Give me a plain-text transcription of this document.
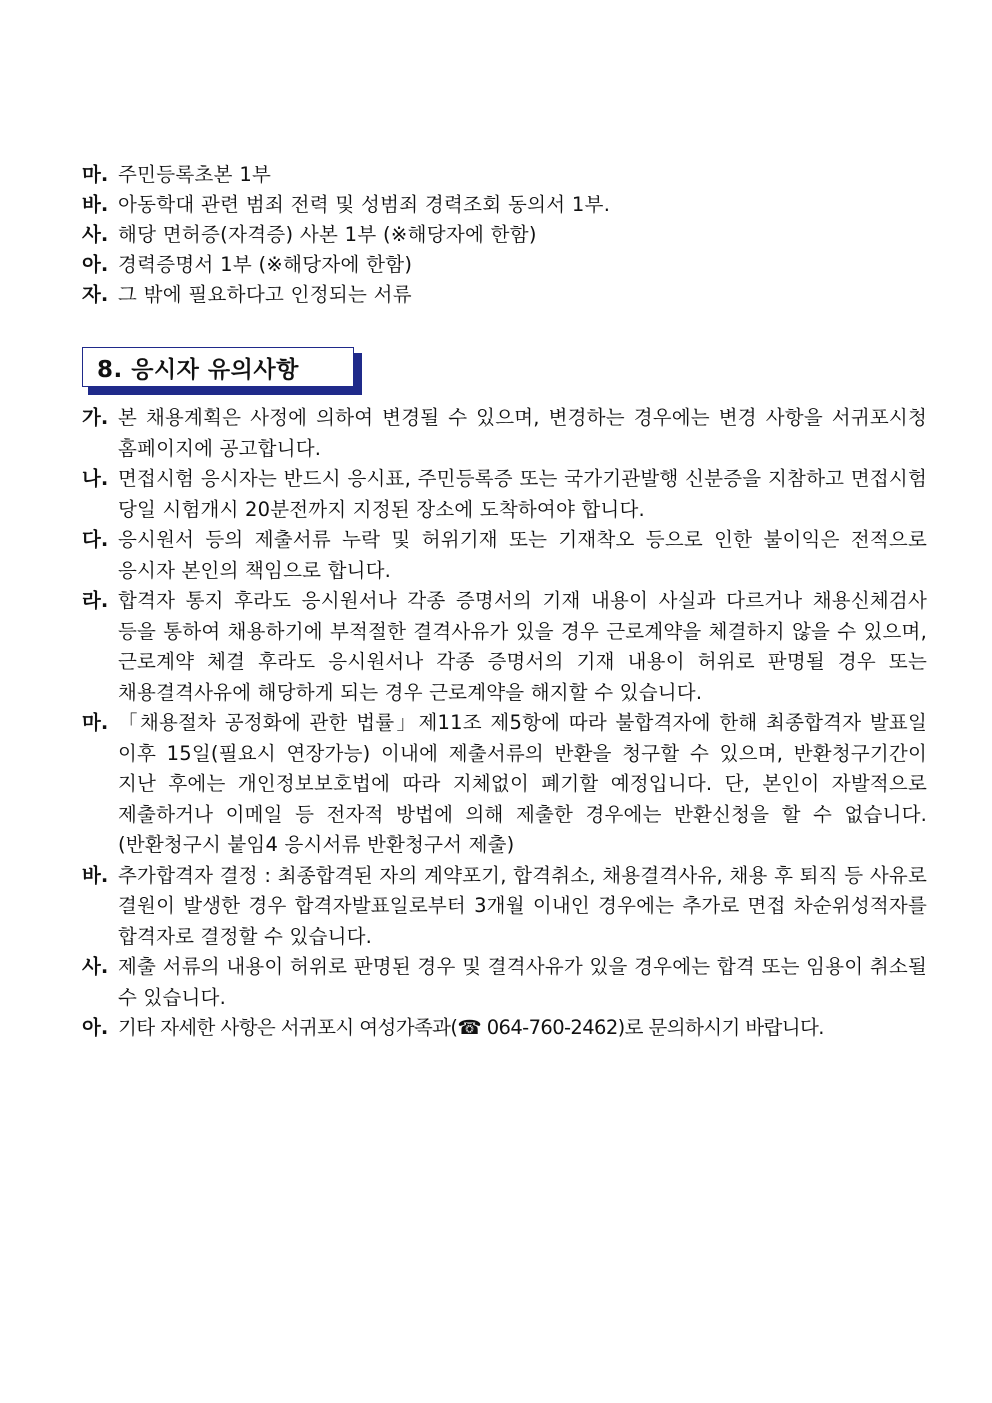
마. 주민등록초본 1부
바. 아동학대 관련 범죄 전력 및 성범죄 경력조회 동의서 1부.
사. 해당 면허증(자격증) 사본 1부 (※해당자에 한함)
아. 경력증명서 1부 (※해당자에 한함)
자. 그 밖에 필요하다고 인정되는 서류
8. 응시자 유의사항
가. 본 채용계획은 사정에 의하여 변경될 수 있으며, 변경하는 경우에는 변경 사항을 서귀포시청 홈페이지에 공고합니다.
나. 면접시험 응시자는 반드시 응시표, 주민등록증 또는 국가기관발행 신분증을 지참하고 면접시험 당일 시험개시 20분전까지 지정된 장소에 도착하여야 합니다.
다. 응시원서 등의 제출서류 누락 및 허위기재 또는 기재착오 등으로 인한 불이익은 전적으로 응시자 본인의 책임으로 합니다.
라. 합격자 통지 후라도 응시원서나 각종 증명서의 기재 내용이 사실과 다르거나 채용신체검사 등을 통하여 채용하기에 부적절한 결격사유가 있을 경우 근로계약을 체결하지 않을 수 있으며, 근로계약 체결 후라도 응시원서나 각종 증명서의 기재 내용이 허위로 판명될 경우 또는 채용결격사유에 해당하게 되는 경우 근로계약을 해지할 수 있습니다.
마. 「채용절차 공정화에 관한 법률」제11조 제5항에 따라 불합격자에 한해 최종합격자 발표일 이후 15일(필요시 연장가능) 이내에 제출서류의 반환을 청구할 수 있으며, 반환청구기간이 지난 후에는 개인정보보호법에 따라 지체없이 폐기할 예정입니다. 단, 본인이 자발적으로 제출하거나 이메일 등 전자적 방법에 의해 제출한 경우에는 반환신청을 할 수 없습니다. (반환청구시 붙임4 응시서류 반환청구서 제출)
바. 추가합격자 결정 : 최종합격된 자의 계약포기, 합격취소, 채용결격사유, 채용 후 퇴직 등 사유로 결원이 발생한 경우 합격자발표일로부터 3개월 이내인 경우에는 추가로 면접 차순위성적자를 합격자로 결정할 수 있습니다.
사. 제출 서류의 내용이 허위로 판명된 경우 및 결격사유가 있을 경우에는 합격 또는 임용이 취소될 수 있습니다.
아. 기타 자세한 사항은 서귀포시 여성가족과(☎ 064-760-2462)로 문의하시기 바랍니다.
